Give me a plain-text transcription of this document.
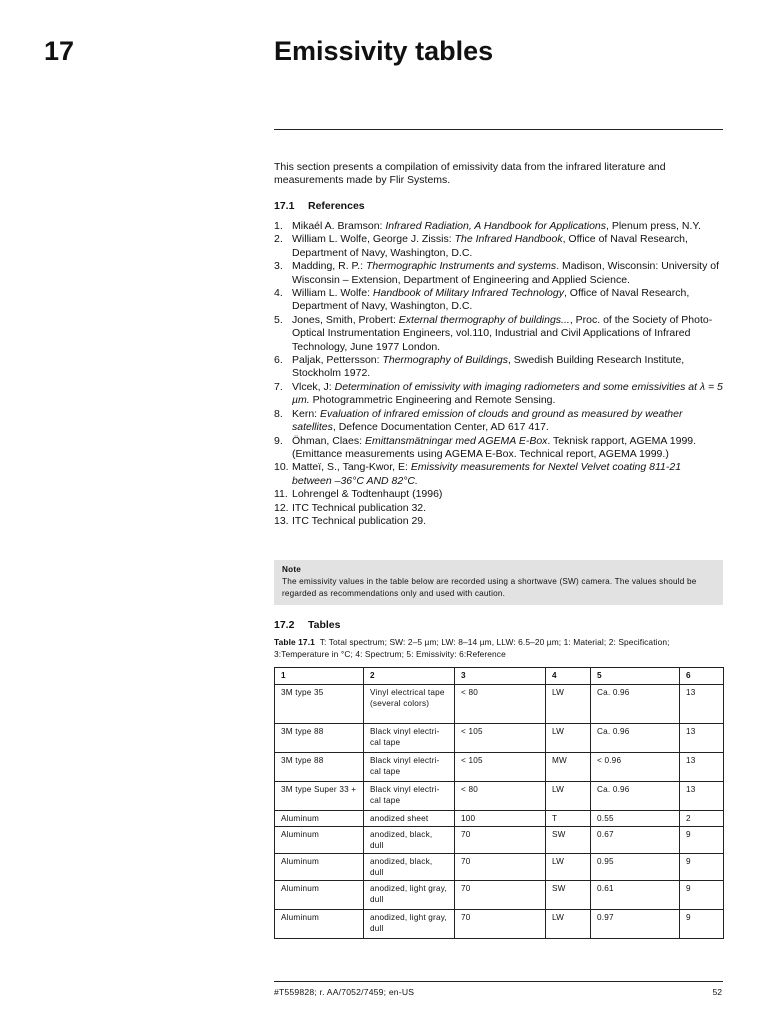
17	Emissivity tables
This section presents a compilation of emissivity data from the infrared literature and measurements made by Flir Systems.
17.1 References
1. Mikaél A. Bramson: Infrared Radiation, A Handbook for Applications, Plenum press, N.Y.
2. William L. Wolfe, George J. Zissis: The Infrared Handbook, Office of Naval Research, Department of Navy, Washington, D.C.
3. Madding, R. P.: Thermographic Instruments and systems. Madison, Wisconsin: University of Wisconsin – Extension, Department of Engineering and Applied Science.
4. William L. Wolfe: Handbook of Military Infrared Technology, Office of Naval Research, Department of Navy, Washington, D.C.
5. Jones, Smith, Probert: External thermography of buildings..., Proc. of the Society of Photo-Optical Instrumentation Engineers, vol.110, Industrial and Civil Applications of Infrared Technology, June 1977 London.
6. Paljak, Pettersson: Thermography of Buildings, Swedish Building Research Institute, Stockholm 1972.
7. Vlcek, J: Determination of emissivity with imaging radiometers and some emissivities at λ = 5 µm. Photogrammetric Engineering and Remote Sensing.
8. Kern: Evaluation of infrared emission of clouds and ground as measured by weather satellites, Defence Documentation Center, AD 617 417.
9. Öhman, Claes: Emittansmätningar med AGEMA E-Box. Teknisk rapport, AGEMA 1999. (Emittance measurements using AGEMA E-Box. Technical report, AGEMA 1999.)
10. Matteï, S., Tang-Kwor, E: Emissivity measurements for Nextel Velvet coating 811-21 between –36°C AND 82°C.
11. Lohrengel & Todtenhaupt (1996)
12. ITC Technical publication 32.
13. ITC Technical publication 29.
Note
The emissivity values in the table below are recorded using a shortwave (SW) camera. The values should be regarded as recommendations only and used with caution.
17.2 Tables
Table 17.1 T: Total spectrum; SW: 2–5 µm; LW: 8–14 µm, LLW: 6.5–20 µm; 1: Material; 2: Specification; 3:Temperature in °C; 4: Spectrum; 5: Emissivity: 6:Reference
1	2	3	4	5	6
3M type 35	Vinyl electrical tape (several colors)	< 80	LW	Ca. 0.96	13
3M type 88	Black vinyl electri-cal tape	< 105	LW	Ca. 0.96	13
3M type 88	Black vinyl electri-cal tape	< 105	MW	< 0.96	13
3M type Super 33 +	Black vinyl electri-cal tape	< 80	LW	Ca. 0.96	13
Aluminum	anodized sheet	100	T	0.55	2
Aluminum	anodized, black, dull	70	SW	0.67	9
Aluminum	anodized, black, dull	70	LW	0.95	9
Aluminum	anodized, light gray, dull	70	SW	0.61	9
Aluminum	anodized, light gray, dull	70	LW	0.97	9
#T559828; r. AA/7052/7459; en-US	52
